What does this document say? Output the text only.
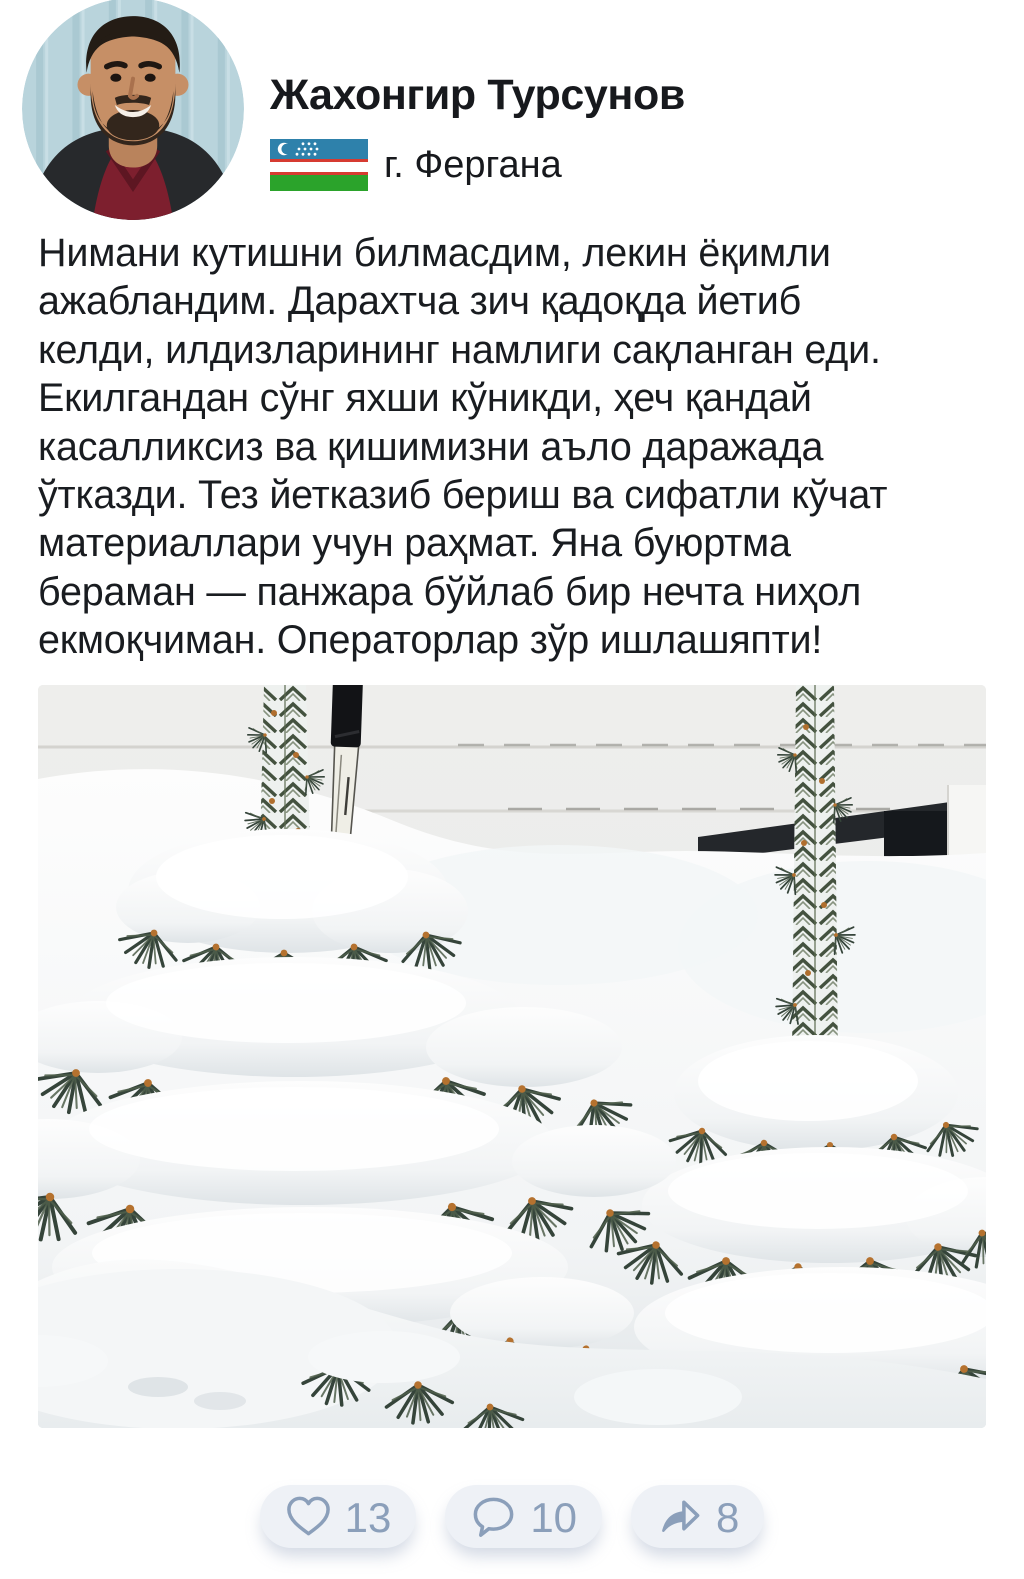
Жахонгир Турсунов
г. Фергана
Нимани кутишни билмасдим, лекин ёқимли
ажабландим. Дарахтча зич қадоқда йетиб
келди, илдизларининг намлиги сақланган еди.
Екилгандан сўнг яхши кўникди, ҳеч қандай
касалликсиз ва қишимизни аъло даражада
ўтказди. Тез йетказиб бериш ва сифатли кўчат
материаллари учун раҳмат. Яна буюртма
бераман — панжара бўйлаб бир нечта ниҳол
екмоқчиман. Операторлар зўр ишлашяпти!
13	10	8
